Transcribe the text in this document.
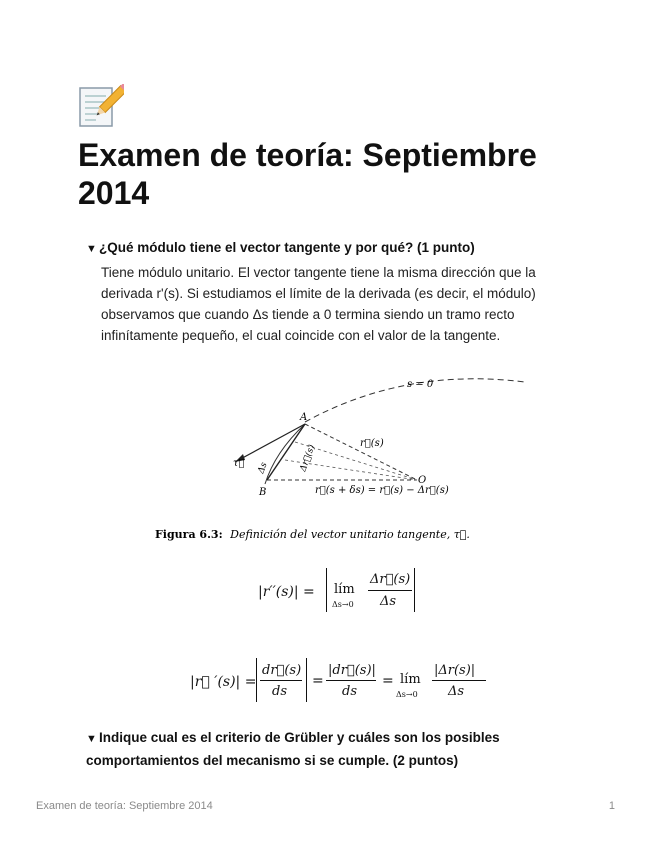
Examen de teoría: Septiembre 2014
▼ ¿Qué módulo tiene el vector tangente y por qué? (1 punto)
Tiene módulo unitario. El vector tangente tiene la misma dirección que la derivada r'(s). Si estudiamos el límite de la derivada (es decir, el módulo) observamos que cuando Δs tiende a 0 termina siendo un tramo recto infinítamente pequeño, el cual coincide con el valor de la tangente.
s = 0
τ⃗
A
B
O
r⃗(s)
Δr⃗(s)
Δs
r⃗(s + δs) = r⃗(s) − Δr⃗(s)
Figura 6.3: Definición del vector unitario tangente, τ⃗.
|r′′(s)| = lím
Δs→0
Δr⃗(s)
Δs
|r⃗ ′(s)| =
dr⃗(s)
ds
=
|dr⃗(s)|
ds
= lím
Δs→0
|Δr(s)|
Δs
▼ Indique cual es el criterio de Grübler y cuáles son los posibles comportamientos del mecanismo si se cumple. (2 puntos)
Examen de teoría: Septiembre 2014	1
